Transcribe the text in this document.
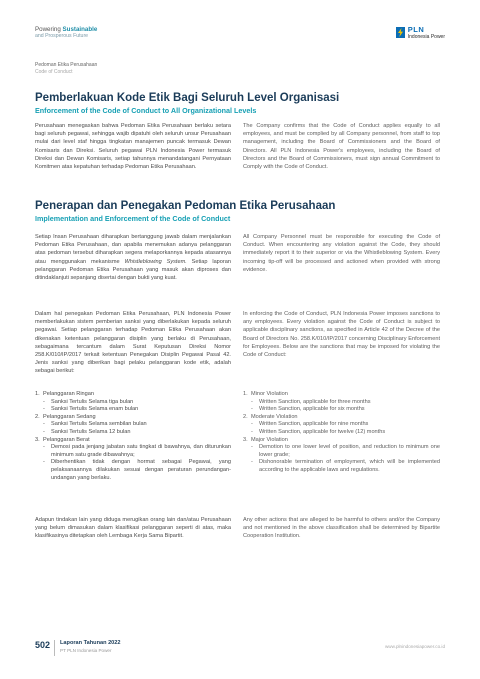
Powering Sustainable
and Prosperous Future
PLN
Indonesia Power
Pedoman Etika Perusahaan
Code of Conduct
Pemberlakuan Kode Etik Bagi Seluruh Level Organisasi
Enforcement of the Code of Conduct to All Organizational Levels

Perusahaan menegaskan bahwa Pedoman Etika Perusahaan berlaku setara bagi seluruh pegawai, sehingga wajib dipatuhi oleh seluruh unsur Perusahaan mulai dari level staf hingga tingkatan manajemen puncak termasuk Dewan Komisaris dan Direksi. Seluruh pegawai PLN Indonesia Power termasuk Direksi dan Dewan Komisaris, setiap tahunnya menandatangani Pernyataan Komitmen atas kepatuhan terhadap Pedoman Etika Perusahaan.

The Company confirms that the Code of Conduct applies equally to all employees, and must be complied by all Company personnel, from staff to top management, including the Board of Commissioners and the Board of Directors. All PLN Indonesia Power's employees, including the Board of Directors and the Board of Commissioners, must sign annual Commitment to Comply with the Code of Conduct.

Penerapan dan Penegakan Pedoman Etika Perusahaan
Implementation and Enforcement of the Code of Conduct

Setiap Insan Perusahaan diharapkan bertanggung jawab dalam menjalankan Pedoman Etika Perusahaan, dan apabila menemukan adanya pelanggaran atas pedoman tersebut diharapkan segera melaporkannya kepada atasannya atau menggunakan mekanisme Whistleblowing System. Setiap laporan pelanggaran Pedoman Etika Perusahaan yang masuk akan diproses dan ditindaklanjuti sepanjang disertai dengan bukti yang kuat.

All Company Personnel must be responsible for executing the Code of Conduct. When encountering any violation against the Code, they should immediately report it to their superior or via the Whistleblowing System. Every incoming tip-off will be processed and actioned when provided with strong evidence.

Dalam hal penegakan Pedoman Etika Perusahaan, PLN Indonesia Power memberlakukan sistem pemberian sanksi yang diberlakukan kepada seluruh pegawai. Setiap pelanggaran terhadap Pedoman Etika Perusahaan akan dikenakan ketentuan pelanggaran disiplin yang berlaku di Perusahaan, sebagaimana tercantum dalam Surat Keputusan Direksi Nomor 258.K/010/IP/2017 terkait ketentuan Penegakan Disiplin Pegawai Pasal 42. Jenis sanksi yang diberikan bagi pelaku pelanggaran kode etik, adalah sebagai berikut:

In enforcing the Code of Conduct, PLN Indonesia Power imposes sanctions to any employees. Every violation against the Code of Conduct is subject to applicable disciplinary sanctions, as specified in Article 42 of the Decree of the Board of Directors No. 258.K/010/IP/2017 concerning Disciplinary Enforcement for Employees. Below are the sanctions that may be imposed for violating the Code of Conduct:

1. Pelanggaran Ringan
-	Sanksi Tertulis Selama tiga bulan
-	Sanksi Tertulis Selama enam bulan
2. Pelanggaran Sedang
-	Sanksi Tertulis Selama sembilan bulan
-	Sanksi Tertulis Selama 12 bulan
3. Pelanggaran Berat
-	Demosi pada jenjang jabatan satu tingkat di bawahnya, dan diturunkan minimum satu grade dibawahnya;
-	Diberhentikan tidak dengan hormat sebagai Pegawai, yang pelaksanaannya dilakukan sesuai dengan peraturan perundangan-undangan yang berlaku.
1. Minor Violation
-	Written Sanction, applicable for three months
-	Written Sanction, applicable for six months
2. Moderate Violation
-	Written Sanction, applicable for nine months
-	Written Sanction, applicable for twelve (12) months
3. Major Violation
-	Demotion to one lower level of position, and reduction to minimum one lower grade;
-	Dishonorable termination of employment, which will be implemented according to the applicable laws and regulations.

Adapun tindakan lain yang diduga merugikan orang lain dan/atau Perusahaan yang belum dimasukan dalam klasifikasi pelanggaran seperti di atas, maka klasifikasinya ditetapkan oleh Lembaga Kerja Sama Bipartit.

Any other actions that are alleged to be harmful to others and/or the Company and not mentioned in the above classification shall be determined by Bipartite Cooperation Institution.

502 Laporan Tahunan 2022
PT PLN Indonesia Power
www.plnindonesiapower.co.id
